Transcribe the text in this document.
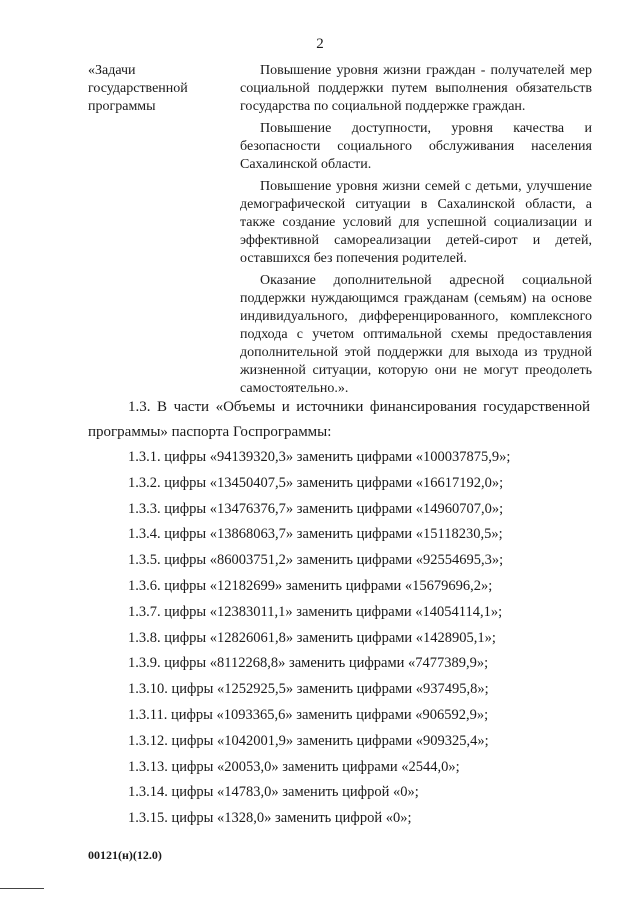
2
«Задачи государственной программы

Повышение уровня жизни граждан - получателей мер социальной поддержки путем выполнения обязательств государства по социальной поддержке граждан.

Повышение доступности, уровня качества и безопасности социального обслуживания населения Сахалинской области.

Повышение уровня жизни семей с детьми, улучшение демографической ситуации в Сахалинской области, а также создание условий для успешной социализации и эффективной самореализации детей-сирот и детей, оставшихся без попечения родителей.

Оказание дополнительной адресной социальной поддержки нуждающимся гражданам (семьям) на основе индивидуального, дифференцированного, комплексного подхода с учетом оптимальной схемы предоставления дополнительной этой поддержки для выхода из трудной жизненной ситуации, которую они не могут преодолеть самостоятельно.».

1.3. В части «Объемы и источники финансирования государственной программы» паспорта Госпрограммы:
1.3.1. цифры «94139320,3» заменить цифрами «100037875,9»;
1.3.2. цифры «13450407,5» заменить цифрами «16617192,0»;
1.3.3. цифры «13476376,7» заменить цифрами «14960707,0»;
1.3.4. цифры «13868063,7» заменить цифрами «15118230,5»;
1.3.5. цифры «86003751,2» заменить цифрами «92554695,3»;
1.3.6. цифры «12182699» заменить цифрами «15679696,2»;
1.3.7. цифры «12383011,1» заменить цифрами «14054114,1»;
1.3.8. цифры «12826061,8» заменить цифрами «1428905,1»;
1.3.9. цифры «8112268,8» заменить цифрами «7477389,9»;
1.3.10. цифры «1252925,5» заменить цифрами «937495,8»;
1.3.11. цифры «1093365,6» заменить цифрами «906592,9»;
1.3.12. цифры «1042001,9» заменить цифрами «909325,4»;
1.3.13. цифры «20053,0» заменить цифрами «2544,0»;
1.3.14. цифры «14783,0» заменить цифрой «0»;
1.3.15. цифры «1328,0» заменить цифрой «0»;
00121(н)(12.0)
